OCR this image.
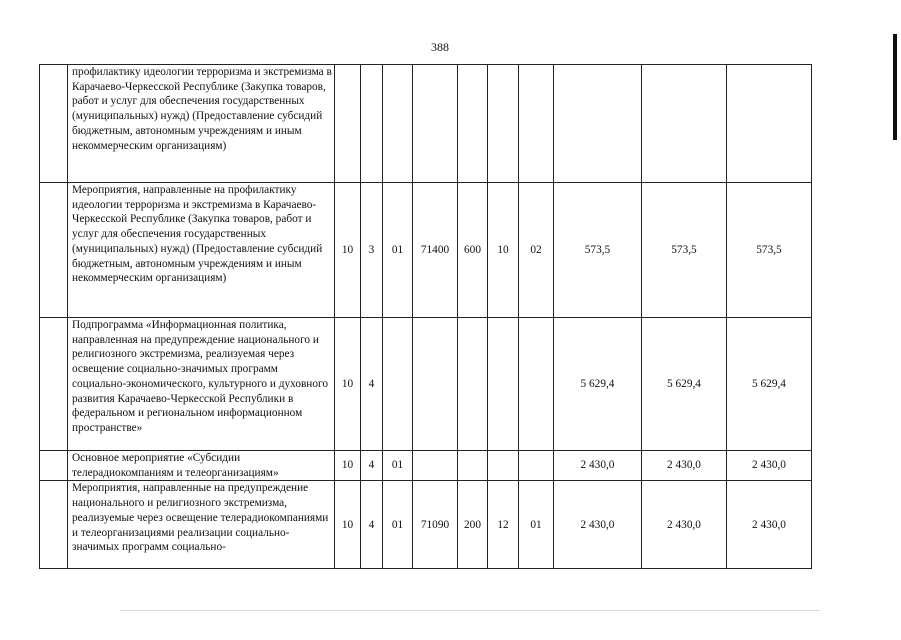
388
	профилактику идеологии терроризма и экстремизма в Карачаево-Черкесской Республике (Закупка товаров, работ и услуг для обеспечения государственных (муниципальных) нужд) (Предоставление субсидий бюджетным, автономным учреждениям и иным некоммерческим организациям)										
	Мероприятия, направленные на профилактику идеологии терроризма и экстремизма в Карачаево-Черкесской Республике (Закупка товаров, работ и услуг для обеспечения государственных (муниципальных) нужд) (Предоставление субсидий бюджетным, автономным учреждениям и иным некоммерческим организациям)	10	3	01	71400	600	10	02	573,5	573,5	573,5
	Подпрограмма «Информационная политика, направленная на предупреждение национального и религиозного экстремизма, реализуемая через освещение социально-значимых программ социально-экономического, культурного и духовного развития Карачаево-Черкесской Республики в федеральном и региональном информационном пространстве»	10	4						5 629,4	5 629,4	5 629,4
	Основное мероприятие «Субсидии телерадиокомпаниям и телеорганизациям»	10	4	01					2 430,0	2 430,0	2 430,0
	Мероприятия, направленные на предупреждение национального и религиозного экстремизма, реализуемые через освещение телерадиокомпаниями и телеорганизациями реализации социально-значимых программ социально-	10	4	01	71090	200	12	01	2 430,0	2 430,0	2 430,0
